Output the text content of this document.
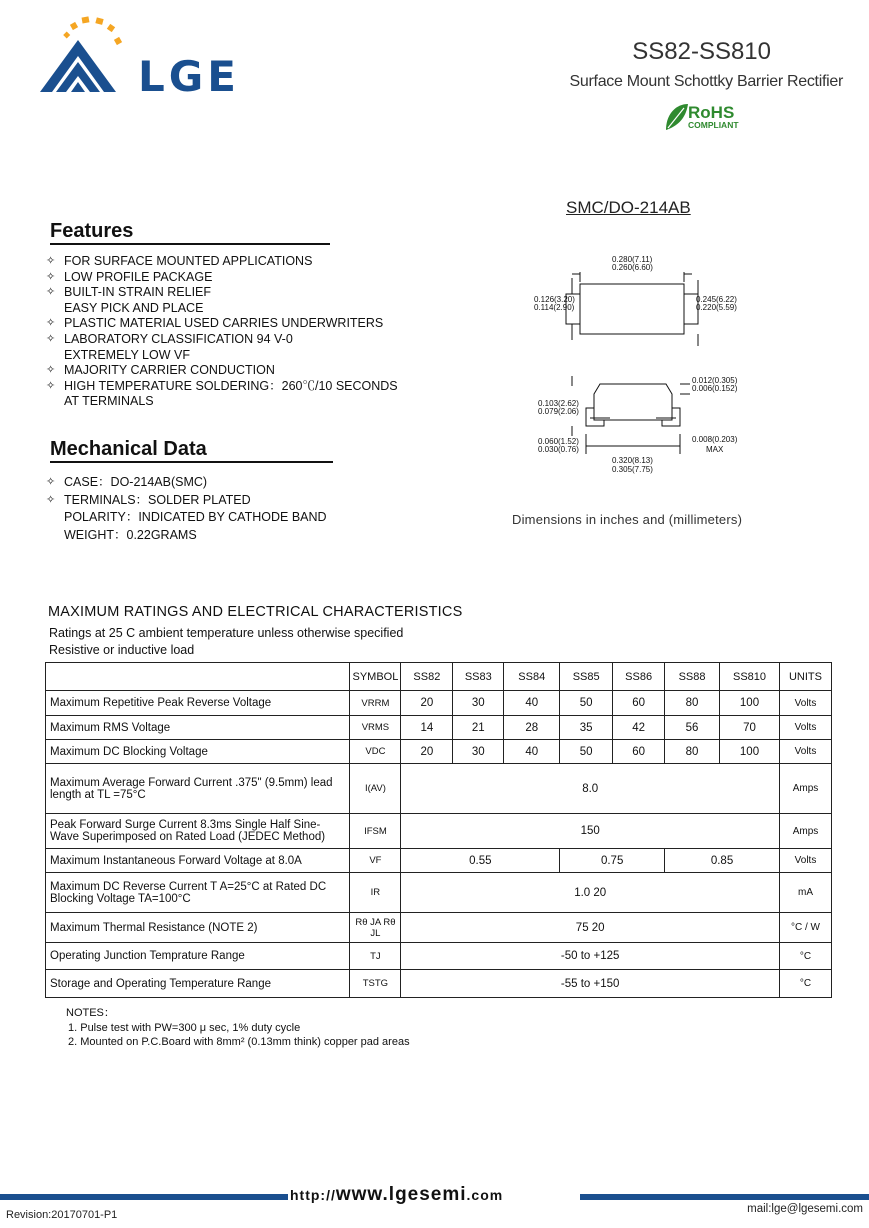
LGE
SS82-SS810
Surface Mount Schottky Barrier Rectifier
RoHS
COMPLIANT
SMC/DO-214AB
0.280(7.11)
0.260(6.60)
0.126(3.20)
0.114(2.90)
0.245(6.22)
0.220(5.59)
0.012(0.305)
0.006(0.152)
0.103(2.62)
0.079(2.06)
0.060(1.52)
0.030(0.76)
0.008(0.203)
MAX
0.320(8.13)
0.305(7.75)
Dimensions in inches and (millimeters)
Features
✧ FOR SURFACE MOUNTED APPLICATIONS
✧ LOW PROFILE PACKAGE
✧ BUILT-IN STRAIN RELIEF
EASY PICK AND PLACE
✧ PLASTIC MATERIAL USED CARRIES UNDERWRITERS
✧ LABORATORY CLASSIFICATION 94 V-0
EXTREMELY LOW VF
✧ MAJORITY CARRIER CONDUCTION
✧ HIGH TEMPERATURE SOLDERING：260℃/10 SECONDS
AT TERMINALS
Mechanical Data
✧ CASE：DO-214AB(SMC)
✧ TERMINALS：SOLDER PLATED
POLARITY：INDICATED BY CATHODE BAND
WEIGHT：0.22GRAMS
MAXIMUM RATINGS AND ELECTRICAL CHARACTERISTICS
Ratings at 25 C ambient temperature unless otherwise specified
Resistive or inductive load
	SYMBOL	SS82	SS83	SS84	SS85	SS86	SS88	SS810	UNITS
Maximum Repetitive Peak Reverse Voltage	VRRM	20	30	40	50	60	80	100	Volts
Maximum RMS Voltage	VRMS	14	21	28	35	42	56	70	Volts
Maximum DC Blocking Voltage	VDC	20	30	40	50	60	80	100	Volts
Maximum Average Forward Current .375" (9.5mm) lead length at TL =75°C	I(AV)	8.0							Amps
Peak Forward Surge Current 8.3ms Single Half Sine-Wave Superimposed on Rated Load (JEDEC Method)	IFSM	150							Amps
Maximum Instantaneous Forward Voltage at 8.0A	VF	0.55			0.75		0.85		Volts
Maximum DC Reverse Current T A=25°C at Rated DC Blocking Voltage TA=100°C	IR	1.0 20							mA
Maximum Thermal Resistance (NOTE 2)	Rθ JA Rθ JL	75 20							°C / W
Operating Junction Temprature Range	TJ	-50 to +125							°C
Storage and Operating Temperature Range	TSTG	-55 to +150							°C
NOTES：
1. Pulse test with PW=300 μ sec, 1% duty cycle
2. Mounted on P.C.Board with 8mm² (0.13mm think) copper pad areas
http://www.lgesemi.com
Revision:20170701-P1	mail:lge@lgesemi.com
